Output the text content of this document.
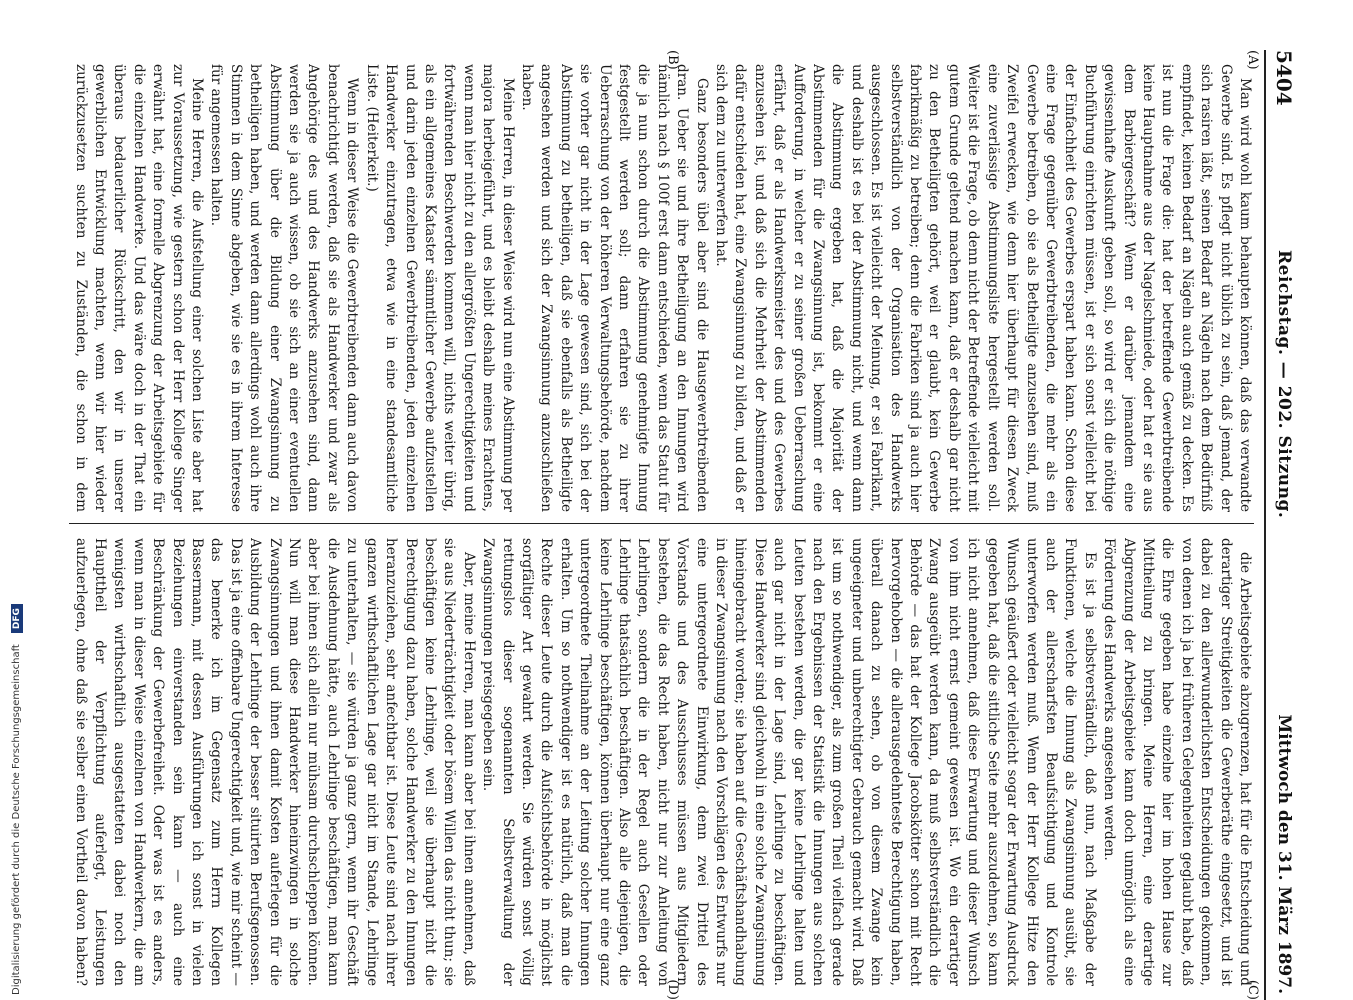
5404
Reichstag. — 202. Sitzung.
Mittwoch den 31. März 1897.
(A)
(B)
(C)
(D)

Man wird wohl kaum behaupten können, daß das verwandte Gewerbe sind. Es pflegt nicht üblich zu sein, daß jemand, der sich rasiren läßt, seinen Bedarf an Nägeln nach dem Bedürfniß empfindet, keinen Bedarf an Nägeln auch gemäß zu decken. Es ist nun die Frage die: hat der betreffende Gewerbtreibende keine Hauptnahme aus der Nagelschmiede, oder hat er sie aus dem Barbiergeschäft? Wenn er darüber jemandem eine gewissenhafte Auskunft geben soll, so wird er sich die nöthige Buchführung einrichten müssen, ist er sich sonst vielleicht bei der Einfachheit des Gewerbes erspart haben kann. Schon diese eine Frage gegenüber Gewerbtreibenden, die mehr als ein Gewerbe betreiben, ob sie als Betheiligte anzusehen sind, muß Zweifel erwecken, wie denn hier überhaupt für diesen Zweck eine zuverlässige Abstimmungsliste hergestellt werden soll. Weiter ist die Frage, ob denn nicht der Betreffende vielleicht mit gutem Grunde geltend machen kann, daß er deshalb gar nicht zu den Betheiligten gehört, weil er glaubt, kein Gewerbe fabrikmäßig zu betreiben; denn die Fabriken sind ja auch hier selbstverständlich von der Organisation des Handwerks ausgeschlossen. Es ist vielleicht der Meinung, er sei Fabrikant, und deshalb ist es bei der Abstimmung nicht, und wenn dann die Abstimmung ergeben hat, daß die Majorität der Abstimmenden für die Zwangsinnung ist, bekommt er eine Aufforderung, in welcher er zu seiner großen Ueberraschung erfährt, daß er als Handwerksmeister des und des Gewerbes anzusehen ist, und daß sich die Mehrheit der Abstimmenden dafür entschieden hat, eine Zwangsinnung zu bilden, und daß er sich dem zu unterwerfen hat.

Ganz besonders übel aber sind die Hausgewerbtreibenden dran. Ueber sie und ihre Betheiligung an den Innungen wird nämlich nach § 100f erst dann entschieden, wenn das Statut für die ja nun schon durch die Abstimmung genehmigte Innung festgestellt werden soll; dann erfahren sie zu ihrer Ueberraschung von der höheren Verwaltungsbehörde, nachdem sie vorher gar nicht in der Lage gewesen sind, sich bei der Abstimmung zu betheiligen, daß sie ebenfalls als Betheiligte angesehen werden und sich der Zwangsinnung anzuschließen haben.

Meine Herren, in dieser Weise wird nun eine Abstimmung per majora herbeigeführt, und es bleibt deshalb meines Erachtens, wenn man hier nicht zu den allergrößten Ungerechtigkeiten und fortwährenden Beschwerden kommen will, nichts weiter übrig, als ein allgemeines Kataster sämmtlicher Gewerbe aufzustellen und darin jeden einzelnen Gewerbtreibenden, jeden einzelnen Handwerker einzutragen, etwa wie in eine standesamtliche Liste. (Heiterkeit.)

Wenn in dieser Weise die Gewerbtreibenden dann auch davon benachrichtigt werden, daß sie als Handwerker und zwar als Angehörige des und des Handwerks anzusehen sind, dann werden sie ja auch wissen, ob sie sich an einer eventuellen Abstimmung über die Bildung einer Zwangsinnung zu betheiligen haben, und werden dann allerdings wohl auch ihre Stimmen in dem Sinne abgeben, wie sie es in ihrem Interesse für angemessen halten.

Meine Herren, die Aufstellung einer solchen Liste aber hat zur Voraussetzung, wie gestern schon der Herr Kollege Singer erwähnt hat, eine formelle Abgrenzung der Arbeitsgebiete für die einzelnen Handwerke. Und das wäre doch in der That ein überaus bedauerlicher Rückschritt, den wir in unserer gewerblichen Entwicklung machten, wenn wir hier wieder zurückzusetzen suchten zu Zuständen, die schon in dem

die Arbeitsgebiete abzugrenzen, hat für die Entscheidung und derartiger Streitigkeiten die Gewerberäthe eingesetzt, und ist dabei zu den allerwunderlichsten Entscheidungen gekommen, von denen ich ja bei früheren Gelegenheiten geglaubt habe, daß die Ehre gegeben habe einzelne hier im hohen Hause zur Mittheilung zu bringen. Meine Herren, eine derartige Abgrenzung der Arbeitsgebiete kann doch unmöglich als eine Förderung des Handwerks angesehen werden.

Es ist ja selbstverständlich, daß nun, nach Maßgabe der Funktionen, welche die Innung als Zwangsinnung ausübt, sie auch der allerscharfsten Beaufsichtigung und Kontrole unterworfen werden muß. Wenn der Herr Kollege Hitze den Wunsch geäußert oder vielleicht sogar der Erwartung Ausdruck gegeben hat, daß die sittliche Seite mehr auszudehnen, so kann ich nicht annehmen, daß diese Erwartung und dieser Wunsch von ihm nicht ernst gemeint gewesen ist. Wo ein derartiger Zwang ausgeübt werden kann, da muß selbstverständlich die Behörde — das hat der Kollege Jacobskötter schon mit Recht hervorgehoben — die allerausgedehnteste Berechtigung haben, überall danach zu sehen, ob von diesem Zwange kein ungeeigneter und unberechtigter Gebrauch gemacht wird. Daß ist um so nothwendiger, als zum großen Theil vielfach gerade nach den Ergebnissen der Statistik die Innungen aus solchen Leuten bestehen werden, die gar keine Lehrlinge halten und auch gar nicht in der Lage sind, Lehrlinge zu beschäftigen. Diese Handwerker sind gleichwohl in eine solche Zwangsinnung hineingebracht worden; sie haben auf die Geschäftshandhabung in dieser Zwangsinnung nach den Vorschlägen des Entwurfs nur eine untergeordnete Einwirkung, denn zwei Drittel des Vorstands und des Ausschusses müssen aus Mitgliedern bestehen, die das Recht haben, nicht nur zur Anleitung von Lehrlingen, sondern die in der Regel auch Gesellen oder Lehrlinge thatsächlich beschäftigen. Also alle diejenigen, die keine Lehrlinge beschäftigen, können überhaupt nur eine ganz untergeordnete Theilnahme an der Leitung solcher Innungen erhalten. Um so nothwendiger ist es natürlich, daß man die Rechte dieser Leute durch die Aufsichtsbehörde in möglichst sorgfältiger Art gewahrt werden. Sie würden sonst völlig rettungslos dieser sogenannten Selbstverwaltung der Zwangsinnungen preisgegeben sein.

Aber, meine Herren, man kann aber bei ihnen annehmen, daß sie aus Niederträchtigkeit oder bösem Willen das nicht thun; sie beschäftigen keine Lehrlinge, weil sie überhaupt nicht die Berechtigung dazu haben, solche Handwerker zu den Innungen heranzuziehen, sehr anfechtbar ist. Diese Leute sind nach ihrer ganzen wirthschaftlichen Lage gar nicht im Stande, Lehrlinge zu unterhalten, — sie würden ja ganz gern, wenn ihr Geschäft die Ausdehnung hätte, auch Lehrlinge beschäftigen, man kann aber bei ihnen sich allein nur mühsam durchschleppen können. Nun will man diese Handwerker hineinzwingen in solche Zwangsinnungen und ihnen damit Kosten auferlegen für die Ausbildung der Lehrlinge der besser situirten Berufsgenossen. Das ist ja eine offenbare Ungerechtigkeit und, wie mir scheint — das bemerke ich im Gegensatz zum Herrn Kollegen Bassermann, mit dessen Ausführungen ich sonst in vielen Beziehungen einverstanden sein kann — auch eine Beschränkung der Gewerbefreiheit. Oder was ist es anders, wenn man in dieser Weise einzelnen von Handwerkern, die am wenigsten wirthschaftlich ausgestatteten dabei noch den Haupttheil der Verpflichtung auferlegt, Leistungen aufzuerlegen, ohne daß sie selber einen Vortheil davon haben?

Digitalisierung gefördert durch die Deutsche Forschungsgemeinschaft DFG
